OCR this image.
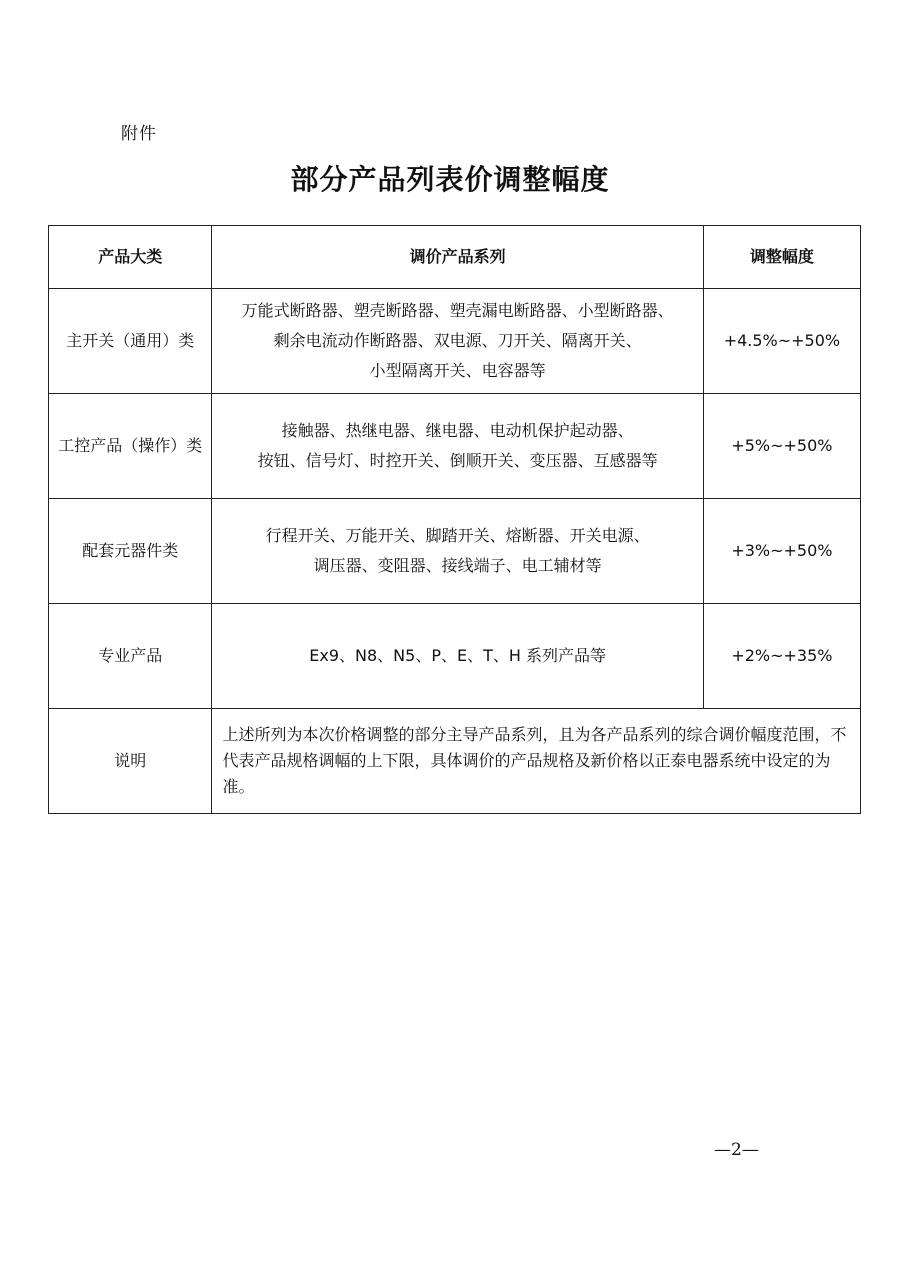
附件
部分产品列表价调整幅度
产品大类	调价产品系列	调整幅度
主开关（通用）类	万能式断路器、塑壳断路器、塑壳漏电断路器、小型断路器、
剩余电流动作断路器、双电源、刀开关、隔离开关、
小型隔离开关、电容器等	+4.5%~+50%
工控产品（操作）类	接触器、热继电器、继电器、电动机保护起动器、
按钮、信号灯、时控开关、倒顺开关、变压器、互感器等	+5%~+50%
配套元器件类	行程开关、万能开关、脚踏开关、熔断器、开关电源、
调压器、变阻器、接线端子、电工辅材等	+3%~+50%
专业产品	Ex9、N8、N5、P、E、T、H 系列产品等	+2%~+35%
说明	上述所列为本次价格调整的部分主导产品系列，且为各产品系列的综合调价幅度范围，不代表产品规格调幅的上下限，具体调价的产品规格及新价格以正泰电器系统中设定的为准。	
—2—
